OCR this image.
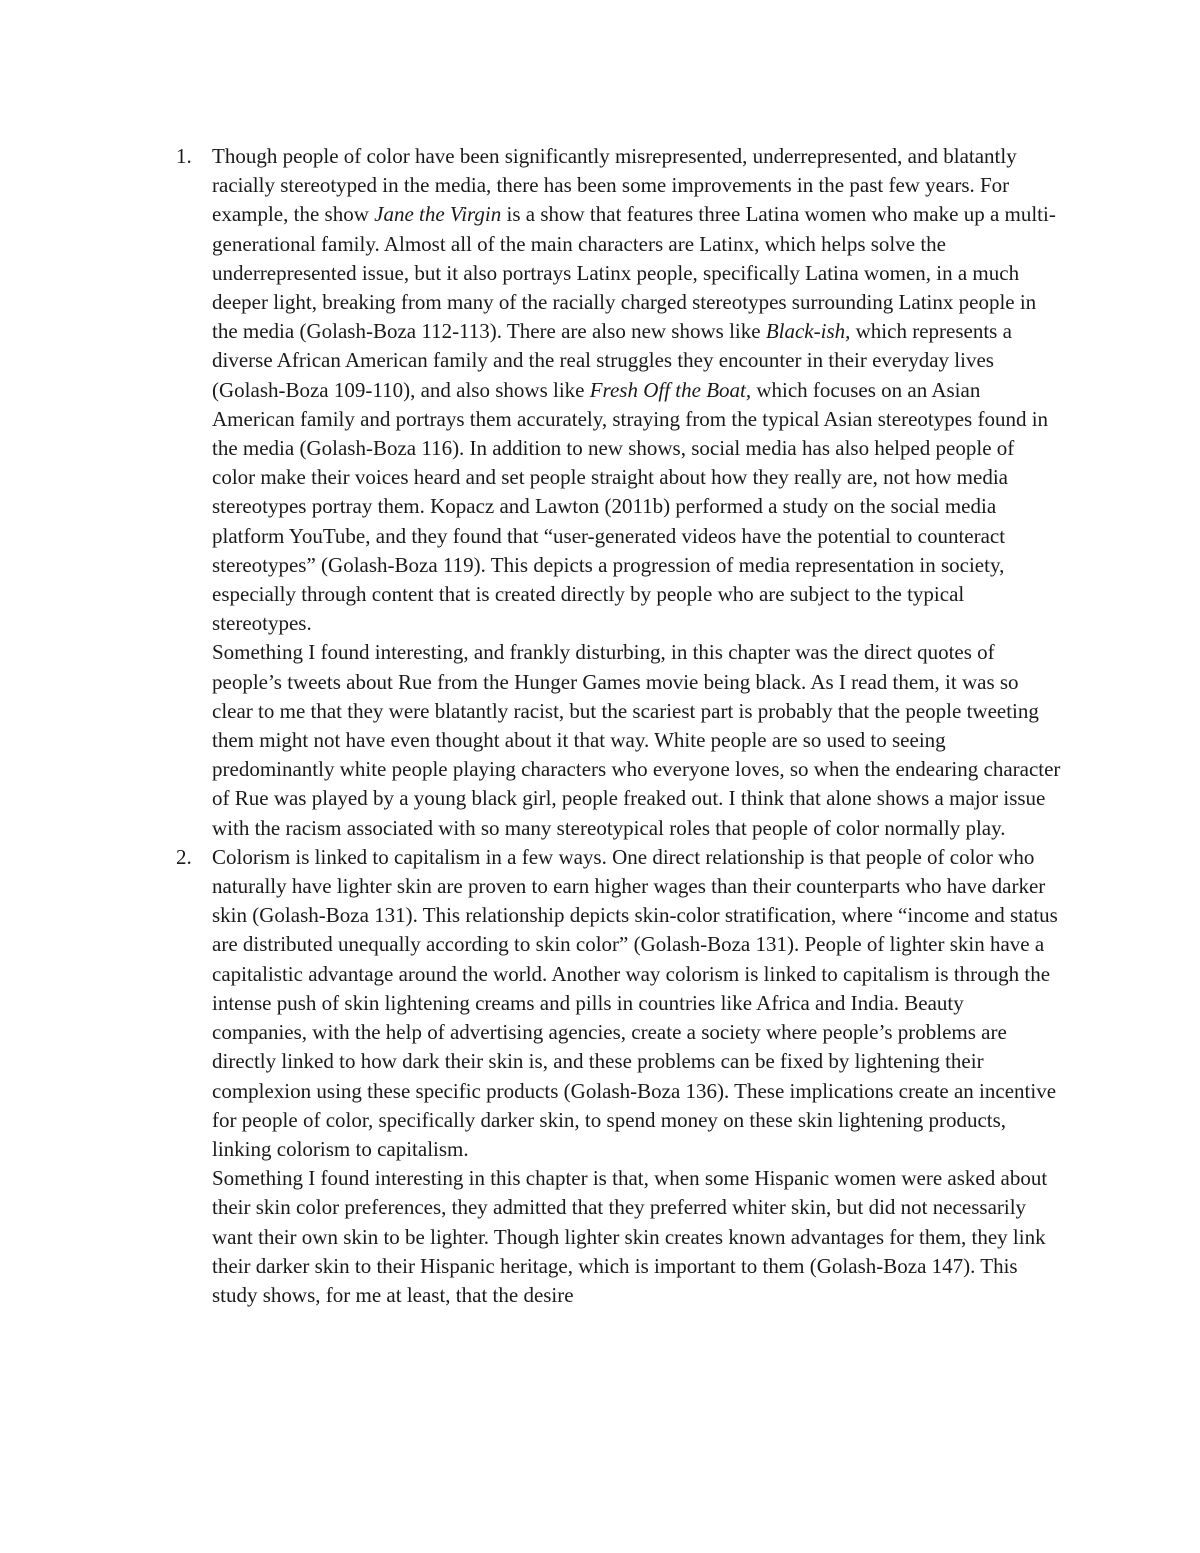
1. Though people of color have been significantly misrepresented, underrepresented, and blatantly racially stereotyped in the media, there has been some improvements in the past few years. For example, the show Jane the Virgin is a show that features three Latina women who make up a multi-generational family. Almost all of the main characters are Latinx, which helps solve the underrepresented issue, but it also portrays Latinx people, specifically Latina women, in a much deeper light, breaking from many of the racially charged stereotypes surrounding Latinx people in the media (Golash-Boza 112-113). There are also new shows like Black-ish, which represents a diverse African American family and the real struggles they encounter in their everyday lives (Golash-Boza 109-110), and also shows like Fresh Off the Boat, which focuses on an Asian American family and portrays them accurately, straying from the typical Asian stereotypes found in the media (Golash-Boza 116). In addition to new shows, social media has also helped people of color make their voices heard and set people straight about how they really are, not how media stereotypes portray them. Kopacz and Lawton (2011b) performed a study on the social media platform YouTube, and they found that “user-generated videos have the potential to counteract stereotypes” (Golash-Boza 119). This depicts a progression of media representation in society, especially through content that is created directly by people who are subject to the typical stereotypes.

Something I found interesting, and frankly disturbing, in this chapter was the direct quotes of people’s tweets about Rue from the Hunger Games movie being black. As I read them, it was so clear to me that they were blatantly racist, but the scariest part is probably that the people tweeting them might not have even thought about it that way. White people are so used to seeing predominantly white people playing characters who everyone loves, so when the endearing character of Rue was played by a young black girl, people freaked out. I think that alone shows a major issue with the racism associated with so many stereotypical roles that people of color normally play.

2. Colorism is linked to capitalism in a few ways. One direct relationship is that people of color who naturally have lighter skin are proven to earn higher wages than their counterparts who have darker skin (Golash-Boza 131). This relationship depicts skin-color stratification, where “income and status are distributed unequally according to skin color” (Golash-Boza 131). People of lighter skin have a capitalistic advantage around the world. Another way colorism is linked to capitalism is through the intense push of skin lightening creams and pills in countries like Africa and India. Beauty companies, with the help of advertising agencies, create a society where people’s problems are directly linked to how dark their skin is, and these problems can be fixed by lightening their complexion using these specific products (Golash-Boza 136). These implications create an incentive for people of color, specifically darker skin, to spend money on these skin lightening products, linking colorism to capitalism.

Something I found interesting in this chapter is that, when some Hispanic women were asked about their skin color preferences, they admitted that they preferred whiter skin, but did not necessarily want their own skin to be lighter. Though lighter skin creates known advantages for them, they link their darker skin to their Hispanic heritage, which is important to them (Golash-Boza 147). This study shows, for me at least, that the desire
